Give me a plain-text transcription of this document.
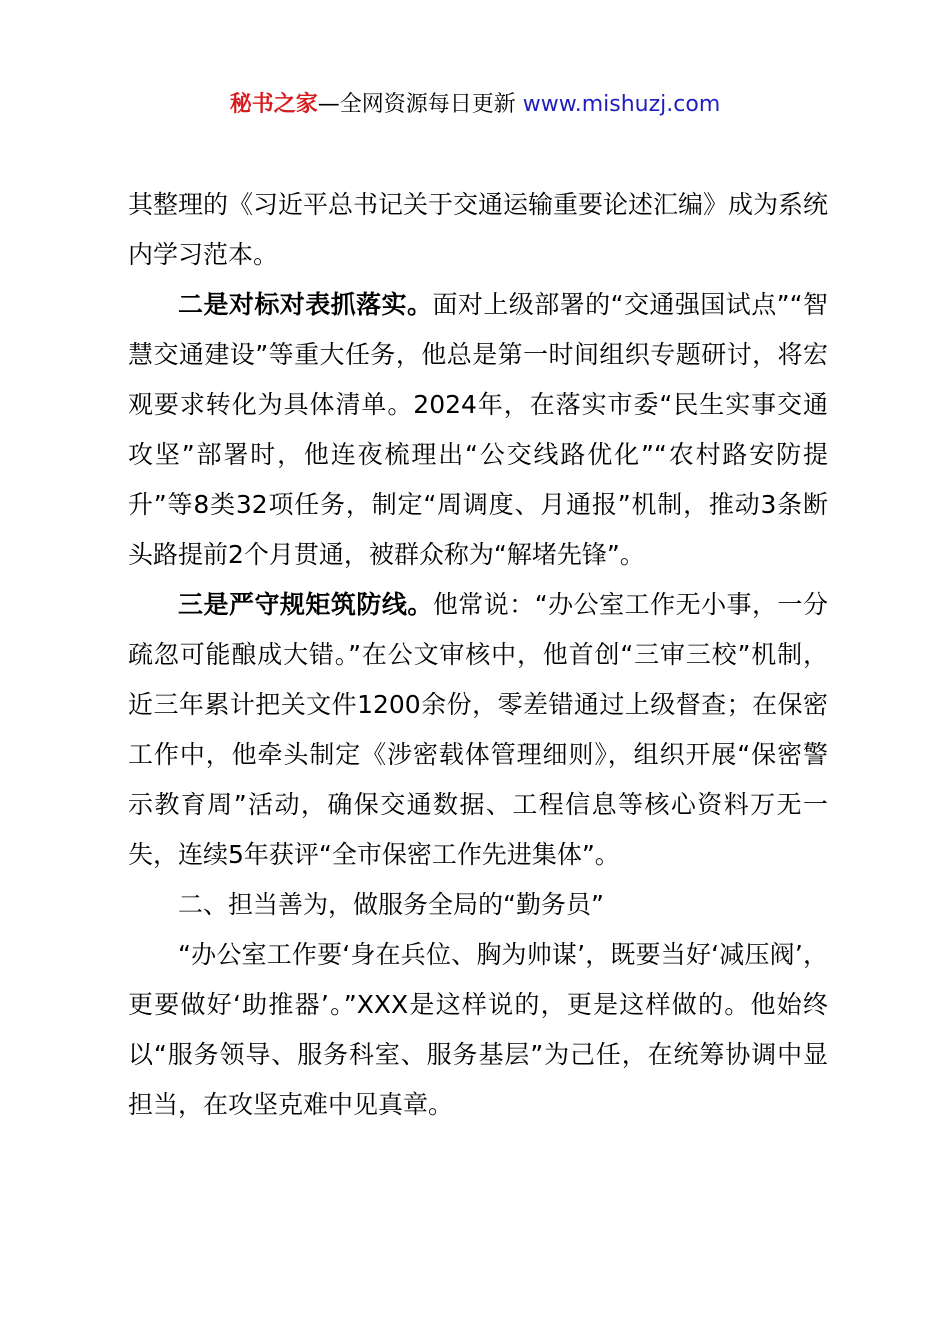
秘书之家—全网资源每日更新 www.mishuzj.com

其整理的《习近平总书记关于交通运输重要论述汇编》成为系统内学习范本。

二是对标对表抓落实。面对上级部署的“交通强国试点”“智慧交通建设”等重大任务，他总是第一时间组织专题研讨，将宏观要求转化为具体清单。2024年，在落实市委“民生实事交通攻坚”部署时，他连夜梳理出“公交线路优化”“农村路安防提升”等8类32项任务，制定“周调度、月通报”机制，推动3条断头路提前2个月贯通，被群众称为“解堵先锋”。

三是严守规矩筑防线。他常说：“办公室工作无小事，一分疏忽可能酿成大错。”在公文审核中，他首创“三审三校”机制，近三年累计把关文件1200余份，零差错通过上级督查；在保密工作中，他牵头制定《涉密载体管理细则》，组织开展“保密警示教育周”活动，确保交通数据、工程信息等核心资料万无一失，连续5年获评“全市保密工作先进集体”。

二、担当善为，做服务全局的“勤务员”

“办公室工作要‘身在兵位、胸为帅谋’，既要当好‘减压阀’，更要做好‘助推器’。”XXX是这样说的，更是这样做的。他始终以“服务领导、服务科室、服务基层”为己任，在统筹协调中显担当，在攻坚克难中见真章。
